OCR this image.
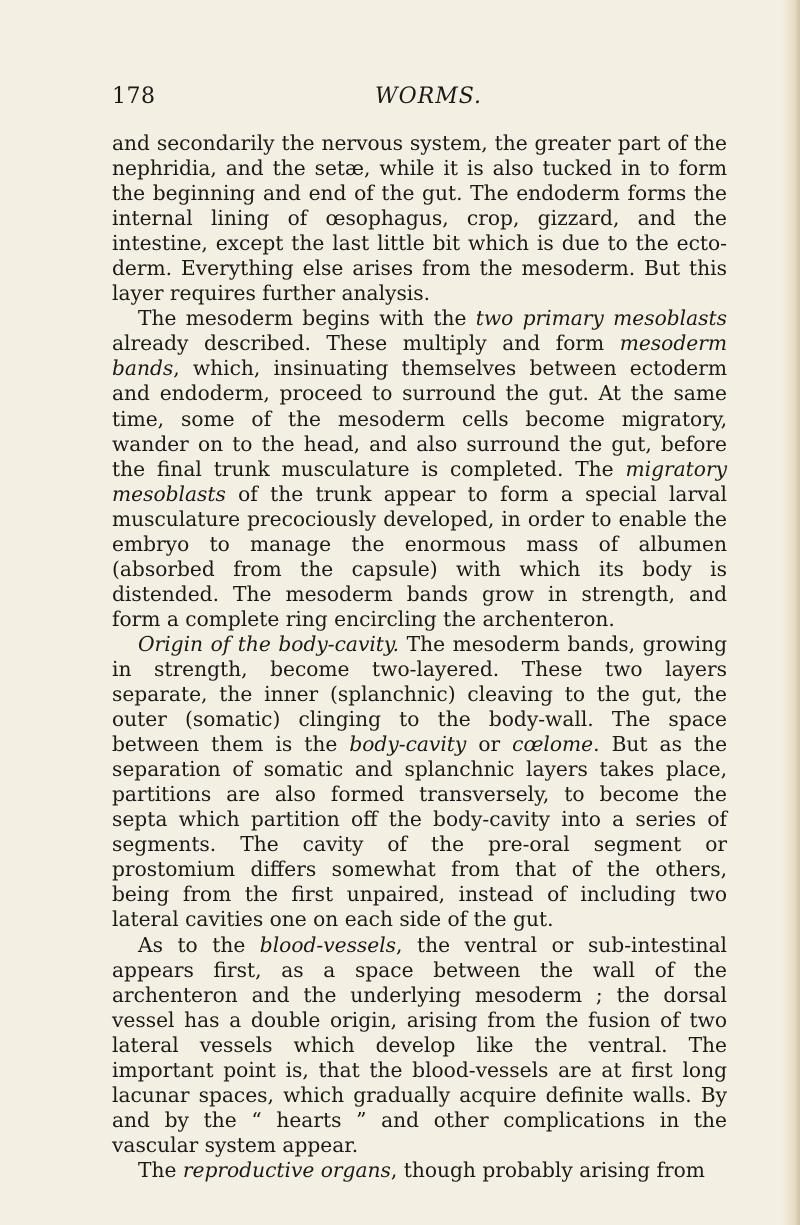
178	WORMS.

and secondarily the nervous system, the greater part of the nephridia, and the setæ, while it is also tucked in to form the beginning and end of the gut. The endoderm forms the internal lining of œsophagus, crop, gizzard, and the intestine, except the last little bit which is due to the ecto-derm. Everything else arises from the mesoderm. But this layer requires further analysis.

The mesoderm begins with the two primary mesoblasts already described. These multiply and form mesoderm bands, which, insinuating themselves between ectoderm and endoderm, proceed to surround the gut. At the same time, some of the mesoderm cells become migratory, wander on to the head, and also surround the gut, before the final trunk musculature is completed. The migratory mesoblasts of the trunk appear to form a special larval musculature precociously developed, in order to enable the embryo to manage the enormous mass of albumen (absorbed from the capsule) with which its body is distended. The mesoderm bands grow in strength, and form a complete ring encircling the archenteron.

Origin of the body-cavity. The mesoderm bands, growing in strength, become two-layered. These two layers separate, the inner (splanchnic) cleaving to the gut, the outer (somatic) clinging to the body-wall. The space between them is the body-cavity or cœlome. But as the separation of somatic and splanchnic layers takes place, partitions are also formed transversely, to become the septa which partition off the body-cavity into a series of segments. The cavity of the pre-oral segment or prostomium differs somewhat from that of the others, being from the first unpaired, instead of including two lateral cavities one on each side of the gut.

As to the blood-vessels, the ventral or sub-intestinal appears first, as a space between the wall of the archenteron and the underlying mesoderm ; the dorsal vessel has a double origin, arising from the fusion of two lateral vessels which develop like the ventral. The important point is, that the blood-vessels are at first long lacunar spaces, which gradually acquire definite walls. By and by the “ hearts ” and other complications in the vascular system appear.

The reproductive organs, though probably arising from
